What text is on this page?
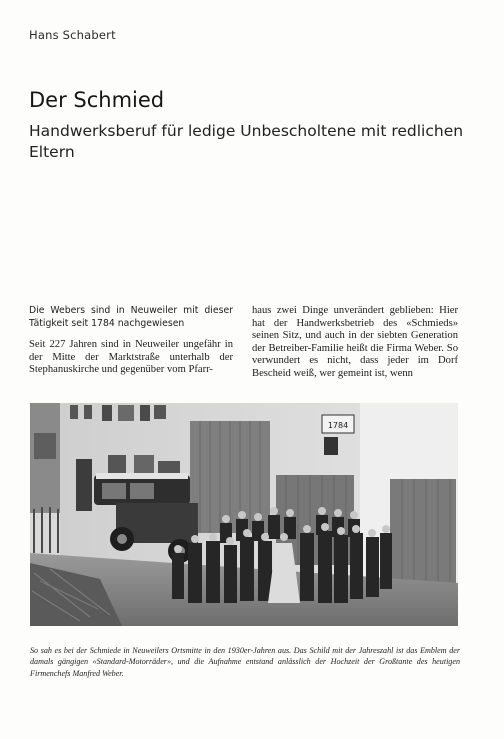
Hans Schabert
Der Schmied

Handwerksberuf für ledige Unbescholtene mit redlichen Eltern

Die Webers sind in Neuweiler mit dieser Tätigkeit seit 1784 nachgewiesen

Seit 227 Jahren sind in Neuweiler ungefähr in der Mitte der Marktstraße unterhalb der Stephanuskirche und gegenüber vom Pfarr-

haus zwei Dinge unverändert geblieben: Hier hat der Handwerksbetrieb des «Schmieds» seinen Sitz, und auch in der siebten Generation der Betreiber-Familie heißt die Firma Weber. So verwundert es nicht, dass jeder im Dorf Bescheid weiß, wer gemeint ist, wenn

1784

So sah es bei der Schmiede in Neuweilers Ortsmitte in den 1930er-Jahren aus. Das Schild mit der Jahreszahl ist das Emblem der damals gängigen «Standard-Motorräder», und die Aufnahme entstand anlässlich der Hochzeit der Großtante des heutigen Firmenchefs Manfred Weber.
